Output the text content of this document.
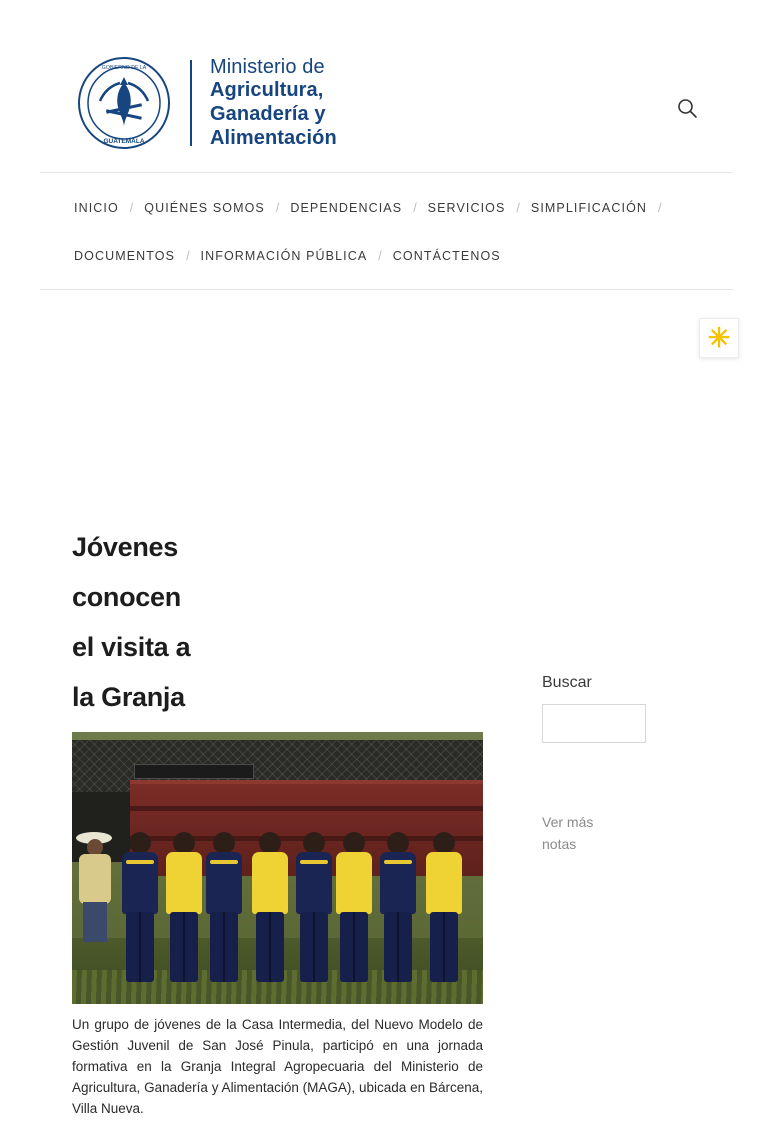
GOBIERNO DE LA
GUATEMALA
Ministerio de
Agricultura,
Ganadería y
Alimentación
INICIO / QUIÉNES SOMOS / DEPENDENCIAS / SERVICIOS / SIMPLIFICACIÓN /
DOCUMENTOS / INFORMACIÓN PÚBLICA / CONTÁCTENOS
Jóvenes conocen el visita a la Granja

Un grupo de jóvenes de la Casa Intermedia, del Nuevo Modelo de Gestión Juvenil de San José Pinula, participó en una jornada formativa en la Granja Integral Agropecuaria del Ministerio de Agricultura, Ganadería y Alimentación (MAGA), ubicada en Bárcena, Villa Nueva.

Buscar
Ver más notas
✳
